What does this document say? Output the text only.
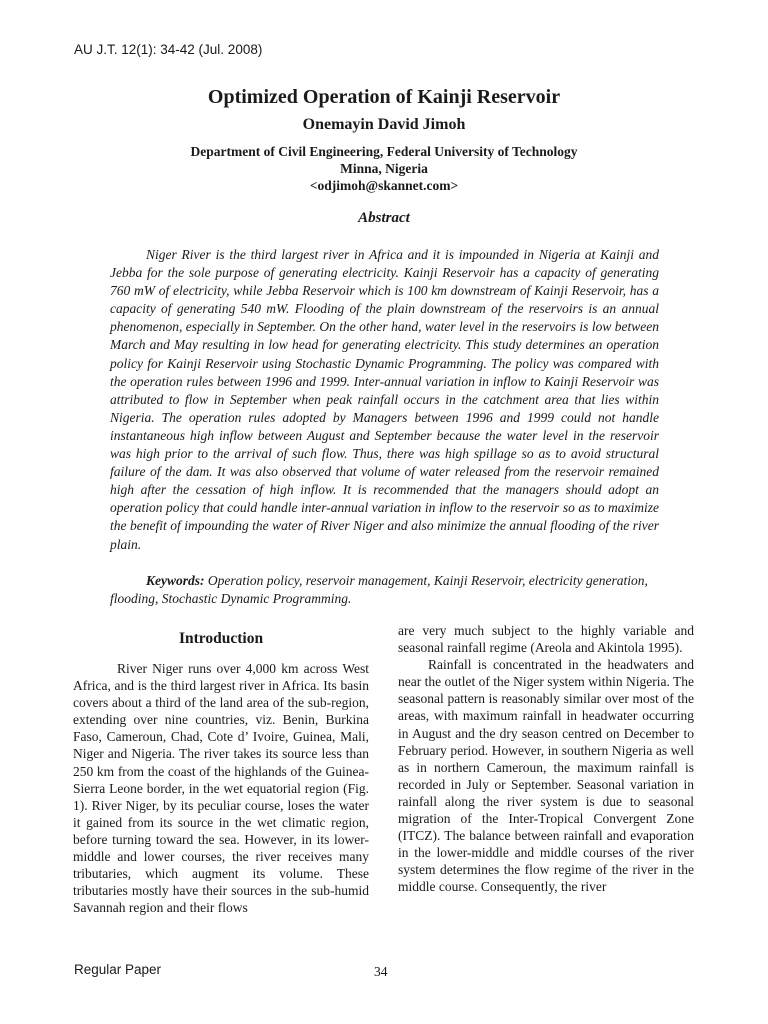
AU J.T. 12(1): 34-42 (Jul. 2008)
Optimized Operation of Kainji Reservoir
Onemayin David Jimoh
Department of Civil Engineering, Federal University of Technology
Minna, Nigeria
<odjimoh@skannet.com>
Abstract

Niger River is the third largest river in Africa and it is impounded in Nigeria at Kainji and Jebba for the sole purpose of generating electricity. Kainji Reservoir has a capacity of generating 760 mW of electricity, while Jebba Reservoir which is 100 km downstream of Kainji Reservoir, has a capacity of generating 540 mW. Flooding of the plain downstream of the reservoirs is an annual phenomenon, especially in September. On the other hand, water level in the reservoirs is low between March and May resulting in low head for generating electricity. This study determines an operation policy for Kainji Reservoir using Stochastic Dynamic Programming. The policy was compared with the operation rules between 1996 and 1999. Inter-annual variation in inflow to Kainji Reservoir was attributed to flow in September when peak rainfall occurs in the catchment area that lies within Nigeria. The operation rules adopted by Managers between 1996 and 1999 could not handle instantaneous high inflow between August and September because the water level in the reservoir was high prior to the arrival of such flow. Thus, there was high spillage so as to avoid structural failure of the dam. It was also observed that volume of water released from the reservoir remained high after the cessation of high inflow. It is recommended that the managers should adopt an operation policy that could handle inter-annual variation in inflow to the reservoir so as to maximize the benefit of impounding the water of River Niger and also minimize the annual flooding of the river plain.

Keywords: Operation policy, reservoir management, Kainji Reservoir, electricity generation, flooding, Stochastic Dynamic Programming.

Introduction

River Niger runs over 4,000 km across West Africa, and is the third largest river in Africa. Its basin covers about a third of the land area of the sub-region, extending over nine countries, viz. Benin, Burkina Faso, Cameroun, Chad, Cote d’ Ivoire, Guinea, Mali, Niger and Nigeria. The river takes its source less than 250 km from the coast of the highlands of the Guinea-Sierra Leone border, in the wet equatorial region (Fig. 1). River Niger, by its peculiar course, loses the water it gained from its source in the wet climatic region, before turning toward the sea. However, in its lower-middle and lower courses, the river receives many tributaries, which augment its volume. These tributaries mostly have their sources in the sub-humid Savannah region and their flows

are very much subject to the highly variable and seasonal rainfall regime (Areola and Akintola 1995).

Rainfall is concentrated in the headwaters and near the outlet of the Niger system within Nigeria. The seasonal pattern is reasonably similar over most of the areas, with maximum rainfall in headwater occurring in August and the dry season centred on December to February period. However, in southern Nigeria as well as in northern Cameroun, the maximum rainfall is recorded in July or September. Seasonal variation in rainfall along the river system is due to seasonal migration of the Inter-Tropical Convergent Zone (ITCZ). The balance between rainfall and evaporation in the lower-middle and middle courses of the river system determines the flow regime of the river in the middle course. Consequently, the river

Regular Paper	34
